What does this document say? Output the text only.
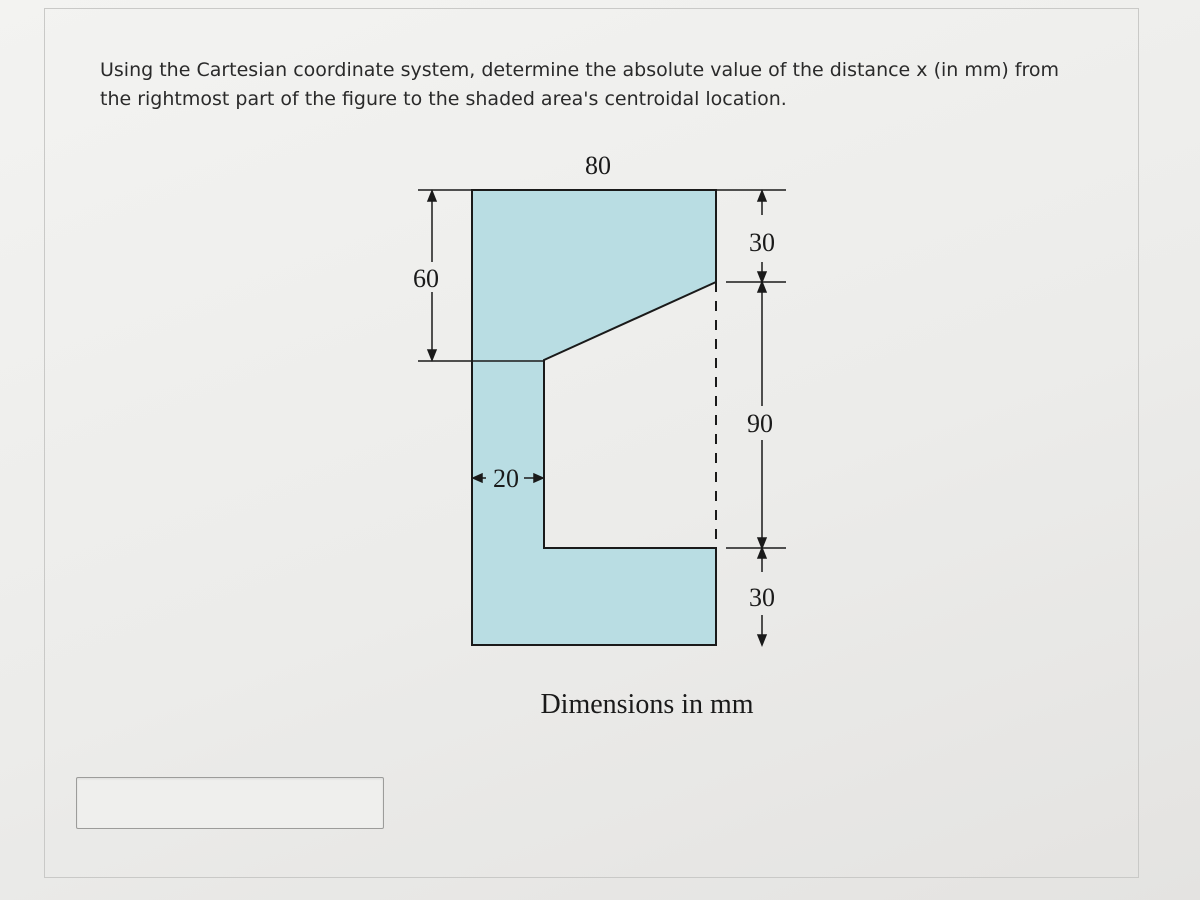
Using the Cartesian coordinate system, determine the absolute value of the distance x (in mm) from the rightmost part of the figure to the shaded area's centroidal location.
80
60
20
30
90
30
Dimensions in mm
